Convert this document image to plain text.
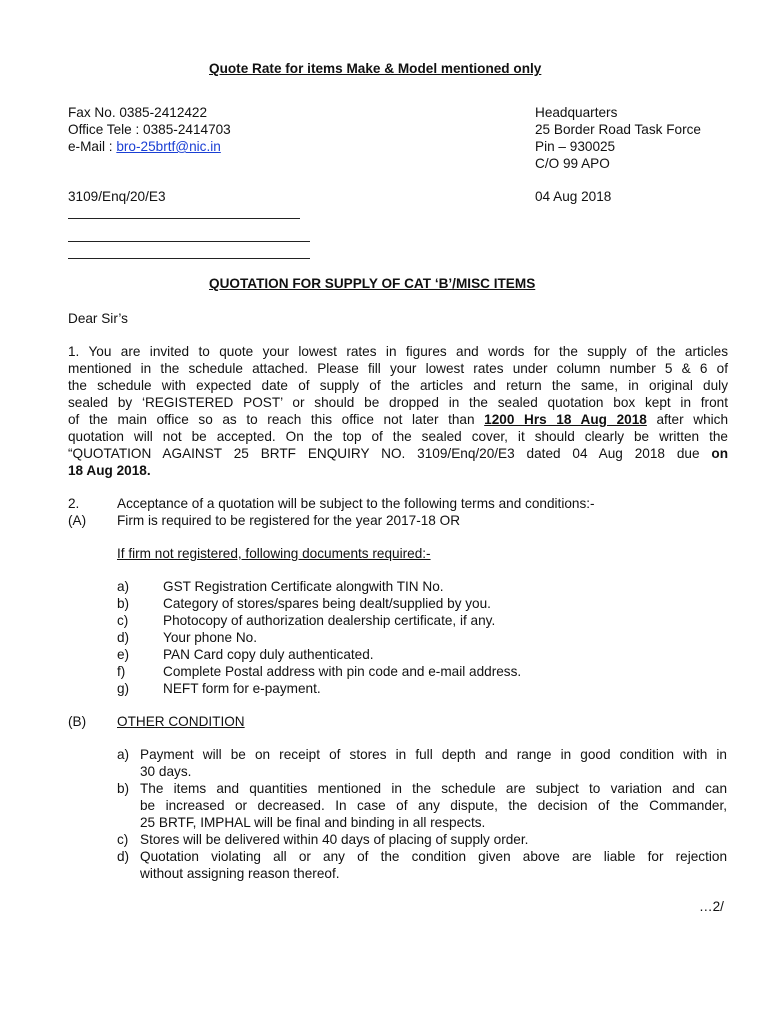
Quote Rate for items Make & Model mentioned only
Fax No. 0385-2412422
Office Tele : 0385-2414703
e-Mail : bro-25brtf@nic.in
Headquarters
25 Border Road Task Force
Pin – 930025
C/O 99 APO
3109/Enq/20/E3	04 Aug 2018
QUOTATION FOR SUPPLY OF CAT ‘B’/MISC ITEMS
Dear Sir’s
1. You are invited to quote your lowest rates in figures and words for the supply of the articles
mentioned in the schedule attached. Please fill your lowest rates under column number 5 & 6 of
the schedule with expected date of supply of the articles and return the same, in original duly
sealed by ‘REGISTERED POST’ or should be dropped in the sealed quotation box kept in front
of the main office so as to reach this office not later than 1200 Hrs 18 Aug 2018 after which
quotation will not be accepted. On the top of the sealed cover, it should clearly be written the
“QUOTATION AGAINST 25 BRTF ENQUIRY NO. 3109/Enq/20/E3 dated 04 Aug 2018 due on
18 Aug 2018.
2.	Acceptance of a quotation will be subject to the following terms and conditions:-
(A) Firm is required to be registered for the year 2017-18 OR
If firm not registered, following documents required:-
a) GST Registration Certificate alongwith TIN No.
b) Category of stores/spares being dealt/supplied by you.
c)	Photocopy of authorization dealership certificate, if any.
d) Your phone No.
e) PAN Card copy duly authenticated.
f)	Complete Postal address with pin code and e-mail address.
g) NEFT form for e-payment.
(B) OTHER CONDITION
a) Payment will be on receipt of stores in full depth and range in good condition with in
30 days.
b) The items and quantities mentioned in the schedule are subject to variation and can
be increased or decreased. In case of any dispute, the decision of the Commander,
25 BRTF, IMPHAL will be final and binding in all respects.
c) Stores will be delivered within 40 days of placing of supply order.
d) Quotation violating all or any of the condition given above are liable for rejection
without assigning reason thereof.
…2/
